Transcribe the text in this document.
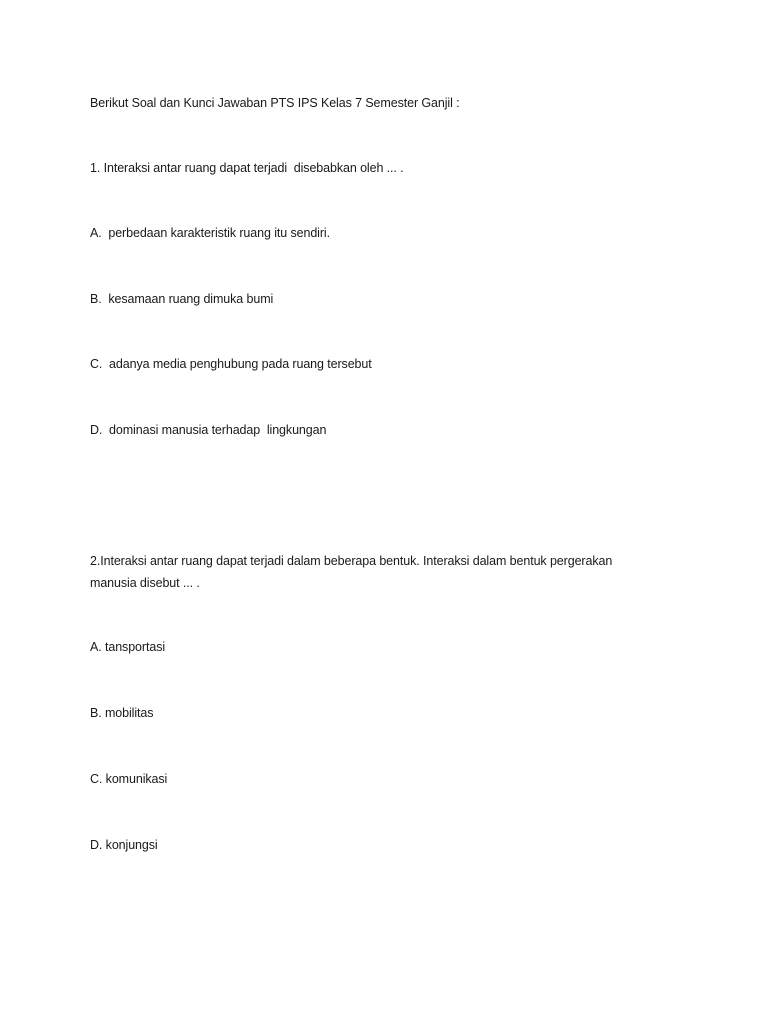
Berikut Soal dan Kunci Jawaban PTS IPS Kelas 7 Semester Ganjil :
1. Interaksi antar ruang dapat terjadi  disebabkan oleh ... .
A.  perbedaan karakteristik ruang itu sendiri.
B.  kesamaan ruang dimuka bumi
C.  adanya media penghubung pada ruang tersebut
D.  dominasi manusia terhadap  lingkungan
2.Interaksi antar ruang dapat terjadi dalam beberapa bentuk. Interaksi dalam bentuk pergerakan
manusia disebut ... .
A. tansportasi
B. mobilitas
C. komunikasi
D. konjungsi
